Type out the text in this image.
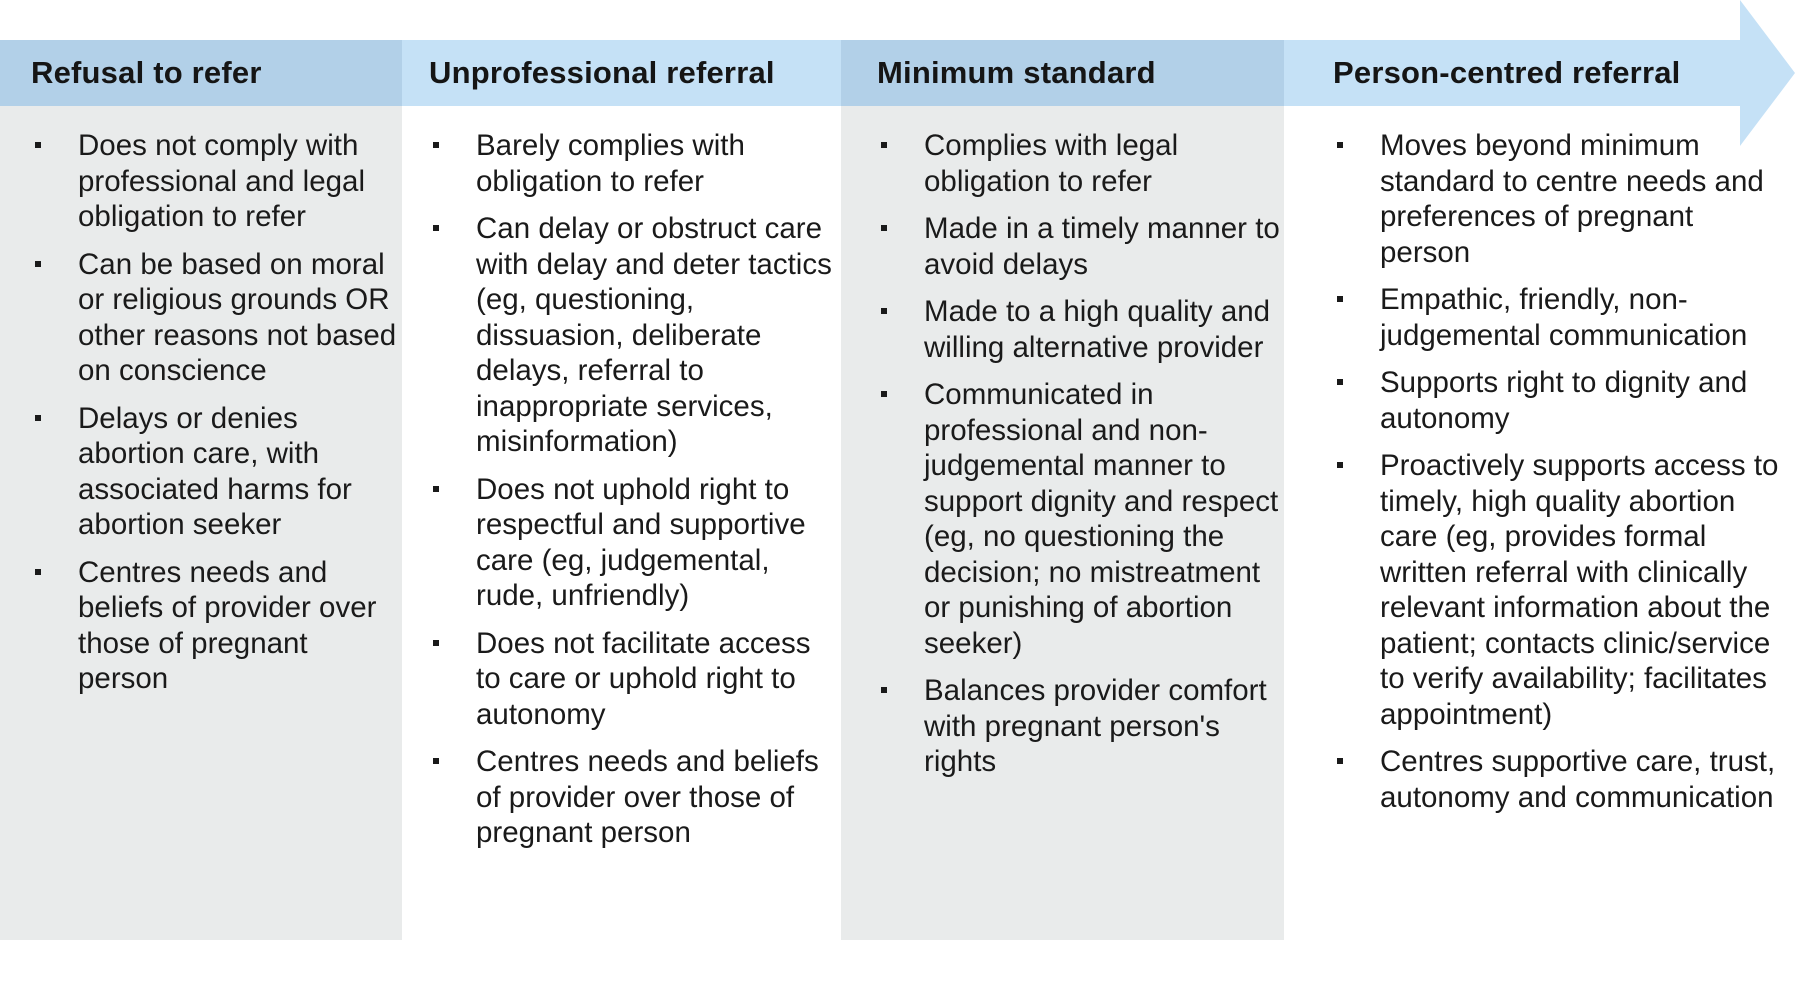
Refusal to refer
Does not comply with professional and legal obligation to refer
Can be based on moral or religious grounds OR other reasons not based on conscience
Delays or denies abortion care, with associated harms for abortion seeker
Centres needs and beliefs of provider over those of pregnant person
Unprofessional referral
Barely complies with obligation to refer
Can delay or obstruct care with delay and deter tactics (eg, questioning, dissuasion, deliberate delays, referral to inappropriate services, misinformation)
Does not uphold right to respectful and supportive care (eg, judgemental, rude, unfriendly)
Does not facilitate access to care or uphold right to autonomy
Centres needs and beliefs of provider over those of pregnant person
Minimum standard
Complies with legal obligation to refer
Made in a timely manner to avoid delays
Made to a high quality and willing alternative provider
Communicated in professional and non-judgemental manner to support dignity and respect (eg, no questioning the decision; no mistreatment or punishing of abortion seeker)
Balances provider comfort with pregnant person's rights
Person-centred referral
Moves beyond minimum standard to centre needs and preferences of pregnant person
Empathic, friendly, non-judgemental communication
Supports right to dignity and autonomy
Proactively supports access to timely, high quality abortion care (eg, provides formal written referral with clinically relevant information about the patient; contacts clinic/service to verify availability; facilitates appointment)
Centres supportive care, trust, autonomy and communication
